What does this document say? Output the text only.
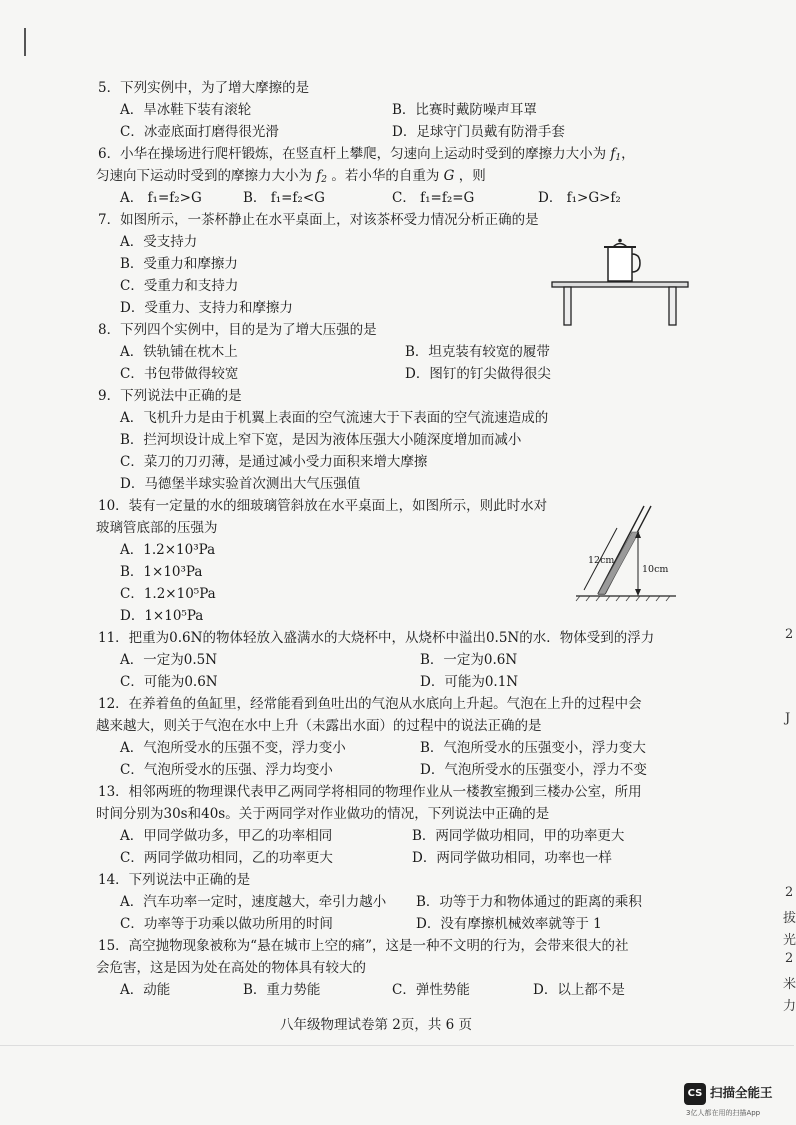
5．下列实例中，为了增大摩擦的是
A．旱冰鞋下装有滚轮	B．比赛时戴防噪声耳罩
C．冰壶底面打磨得很光滑	D．足球守门员戴有防滑手套
6．小华在操场进行爬杆锻炼，在竖直杆上攀爬，匀速向上运动时受到的摩擦力大小为 $f_1$，
匀速向下运动时受到的摩擦力大小为 $f_2$ 。若小华的自重为 G ，则
A． f₁=f₂>G	B． f₁=f₂<G	C． f₁=f₂=G	D． f₁>G>f₂
7．如图所示，一茶杯静止在水平桌面上，对该茶杯受力情况分析正确的是
A．受支持力
B．受重力和摩擦力
C．受重力和支持力
D．受重力、支持力和摩擦力
8．下列四个实例中，目的是为了增大压强的是
A．铁轨铺在枕木上	B．坦克装有较宽的履带
C．书包带做得较宽	D．图钉的钉尖做得很尖
9．下列说法中正确的是
A．飞机升力是由于机翼上表面的空气流速大于下表面的空气流速造成的
B．拦河坝设计成上窄下宽，是因为液体压强大小随深度增加而减小
C．菜刀的刀刃薄，是通过减小受力面积来增大摩擦
D．马德堡半球实验首次测出大气压强值
10．装有一定量的水的细玻璃管斜放在水平桌面上，如图所示，则此时水对
玻璃管底部的压强为
A．1.2×10³Pa
B．1×10³Pa
C．1.2×10⁵Pa
D．1×10⁵Pa
12cm
10cm
11．把重为0.6N的物体轻放入盛满水的大烧杯中，从烧杯中溢出0.5N的水．物体受到的浮力
A．一定为0.5N	B．一定为0.6N
C．可能为0.6N	D．可能为0.1N
12．在养着鱼的鱼缸里，经常能看到鱼吐出的气泡从水底向上升起。气泡在上升的过程中会
越来越大，则关于气泡在水中上升（未露出水面）的过程中的说法正确的是
A．气泡所受水的压强不变，浮力变小	B．气泡所受水的压强变小，浮力变大
C．气泡所受水的压强、浮力均变小	D．气泡所受水的压强变小，浮力不变
13．相邻两班的物理课代表甲乙两同学将相同的物理作业从一楼教室搬到三楼办公室，所用
时间分别为30s和40s。关于两同学对作业做功的情况，下列说法中正确的是
A．甲同学做功多，甲乙的功率相同	B．两同学做功相同，甲的功率更大
C．两同学做功相同，乙的功率更大	D．两同学做功相同，功率也一样
14．下列说法中正确的是
A．汽车功率一定时，速度越大，牵引力越小 B．功等于力和物体通过的距离的乘积
C．功率等于功乘以做功所用的时间	D．没有摩擦机械效率就等于 1
15．高空抛物现象被称为“悬在城市上空的痛”，这是一种不文明的行为，会带来很大的社
会危害，这是因为处在高处的物体具有较大的
A．动能	B．重力势能	C．弹性势能	D．以上都不是
八年级物理试卷第 2页，共 6 页
2
J
2
拔
光
2
米
力
CS 扫描全能王
3亿人都在用的扫描App
